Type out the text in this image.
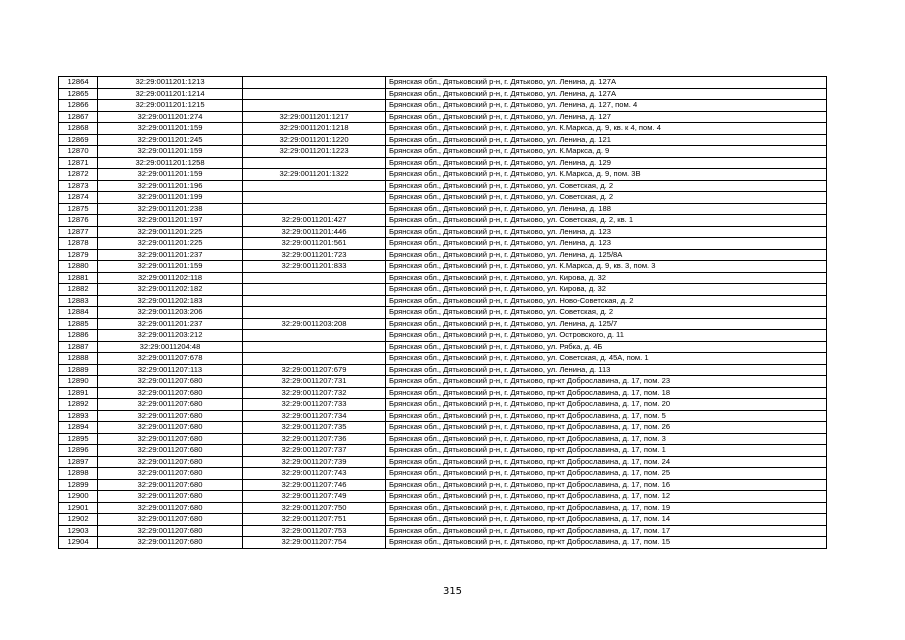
12864	32:29:0011201:1213		Брянская обл., Дятьковский р-н, г. Дятьково, ул. Ленина, д. 127А
12865	32:29:0011201:1214		Брянская обл., Дятьковский р-н, г. Дятьково, ул. Ленина, д. 127А
12866	32:29:0011201:1215		Брянская обл., Дятьковский р-н, г. Дятьково, ул. Ленина, д. 127, пом. 4
12867	32:29:0011201:274	32:29:0011201:1217	Брянская обл., Дятьковский р-н, г. Дятьково, ул. Ленина, д. 127
12868	32:29:0011201:159	32:29:0011201:1218	Брянская обл., Дятьковский р-н, г. Дятьково, ул. К.Маркса, д. 9, кв. к 4, пом. 4
12869	32:29:0011201:245	32:29:0011201:1220	Брянская обл., Дятьковский р-н, г. Дятьково, ул. Ленина, д. 121
12870	32:29:0011201:159	32:29:0011201:1223	Брянская обл., Дятьковский р-н, г. Дятьково, ул. К.Маркса, д. 9
12871	32:29:0011201:1258		Брянская обл., Дятьковский р-н, г. Дятьково, ул. Ленина, д. 129
12872	32:29:0011201:159	32:29:0011201:1322	Брянская обл., Дятьковский р-н, г. Дятьково, ул. К.Маркса, д. 9, пом. 3В
12873	32:29:0011201:196		Брянская обл., Дятьковский р-н, г. Дятьково, ул. Советская, д. 2
12874	32:29:0011201:199		Брянская обл., Дятьковский р-н, г. Дятьково, ул. Советская, д. 2
12875	32:29:0011201:238		Брянская обл., Дятьковский р-н, г. Дятьково, ул. Ленина, д. 188
12876	32:29:0011201:197	32:29:0011201:427	Брянская обл., Дятьковский р-н, г. Дятьково, ул. Советская, д. 2, кв. 1
12877	32:29:0011201:225	32:29:0011201:446	Брянская обл., Дятьковский р-н, г. Дятьково, ул. Ленина, д. 123
12878	32:29:0011201:225	32:29:0011201:561	Брянская обл., Дятьковский р-н, г. Дятьково, ул. Ленина, д. 123
12879	32:29:0011201:237	32:29:0011201:723	Брянская обл., Дятьковский р-н, г. Дятьково, ул. Ленина, д. 125/8А
12880	32:29:0011201:159	32:29:0011201:833	Брянская обл., Дятьковский р-н, г. Дятьково, ул. К.Маркса, д. 9, кв. 3, пом. 3
12881	32:29:0011202:118		Брянская обл., Дятьковский р-н, г. Дятьково, ул. Кирова, д. 32
12882	32:29:0011202:182		Брянская обл., Дятьковский р-н, г. Дятьково, ул. Кирова, д. 32
12883	32:29:0011202:183		Брянская обл., Дятьковский р-н, г. Дятьково, ул. Ново-Советская, д. 2
12884	32:29:0011203:206		Брянская обл., Дятьковский р-н, г. Дятьково, ул. Советская, д. 2
12885	32:29:0011201:237	32:29:0011203:208	Брянская обл., Дятьковский р-н, г. Дятьково, ул. Ленина, д. 125/7
12886	32:29:0011203:212		Брянская обл., Дятьковский р-н, г. Дятьково, ул. Островского, д. 11
12887	32:29:0011204:48		Брянская обл., Дятьковский р-н, г. Дятьково, ул. Рябка, д. 4Б
12888	32:29:0011207:678		Брянская обл., Дятьковский р-н, г. Дятьково, ул. Советская, д. 45А, пом. 1
12889	32:29:0011207:113	32:29:0011207:679	Брянская обл., Дятьковский р-н, г. Дятьково, ул. Ленина, д. 113
12890	32:29:0011207:680	32:29:0011207:731	Брянская обл., Дятьковский р-н, г. Дятьково, пр-кт Доброславина, д. 17, пом. 23
12891	32:29:0011207:680	32:29:0011207:732	Брянская обл., Дятьковский р-н, г. Дятьково, пр-кт Доброславина, д. 17, пом. 18
12892	32:29:0011207:680	32:29:0011207:733	Брянская обл., Дятьковский р-н, г. Дятьково, пр-кт Доброславина, д. 17, пом. 20
12893	32:29:0011207:680	32:29:0011207:734	Брянская обл., Дятьковский р-н, г. Дятьково, пр-кт Доброславина, д. 17, пом. 5
12894	32:29:0011207:680	32:29:0011207:735	Брянская обл., Дятьковский р-н, г. Дятьково, пр-кт Доброславина, д. 17, пом. 26
12895	32:29:0011207:680	32:29:0011207:736	Брянская обл., Дятьковский р-н, г. Дятьково, пр-кт Доброславина, д. 17, пом. 3
12896	32:29:0011207:680	32:29:0011207:737	Брянская обл., Дятьковский р-н, г. Дятьково, пр-кт Доброславина, д. 17, пом. 1
12897	32:29:0011207:680	32:29:0011207:739	Брянская обл., Дятьковский р-н, г. Дятьково, пр-кт Доброславина, д. 17, пом. 24
12898	32:29:0011207:680	32:29:0011207:743	Брянская обл., Дятьковский р-н, г. Дятьково, пр-кт Доброславина, д. 17, пом. 25
12899	32:29:0011207:680	32:29:0011207:746	Брянская обл., Дятьковский р-н, г. Дятьково, пр-кт Доброславина, д. 17, пом. 16
12900	32:29:0011207:680	32:29:0011207:749	Брянская обл., Дятьковский р-н, г. Дятьково, пр-кт Доброславина, д. 17, пом. 12
12901	32:29:0011207:680	32:29:0011207:750	Брянская обл., Дятьковский р-н, г. Дятьково, пр-кт Доброславина, д. 17, пом. 19
12902	32:29:0011207:680	32:29:0011207:751	Брянская обл., Дятьковский р-н, г. Дятьково, пр-кт Доброславина, д. 17, пом. 14
12903	32:29:0011207:680	32:29:0011207:753	Брянская обл., Дятьковский р-н, г. Дятьково, пр-кт Доброславина, д. 17, пом. 17
12904	32:29:0011207:680	32:29:0011207:754	Брянская обл., Дятьковский р-н, г. Дятьково, пр-кт Доброславина, д. 17, пом. 15
315
